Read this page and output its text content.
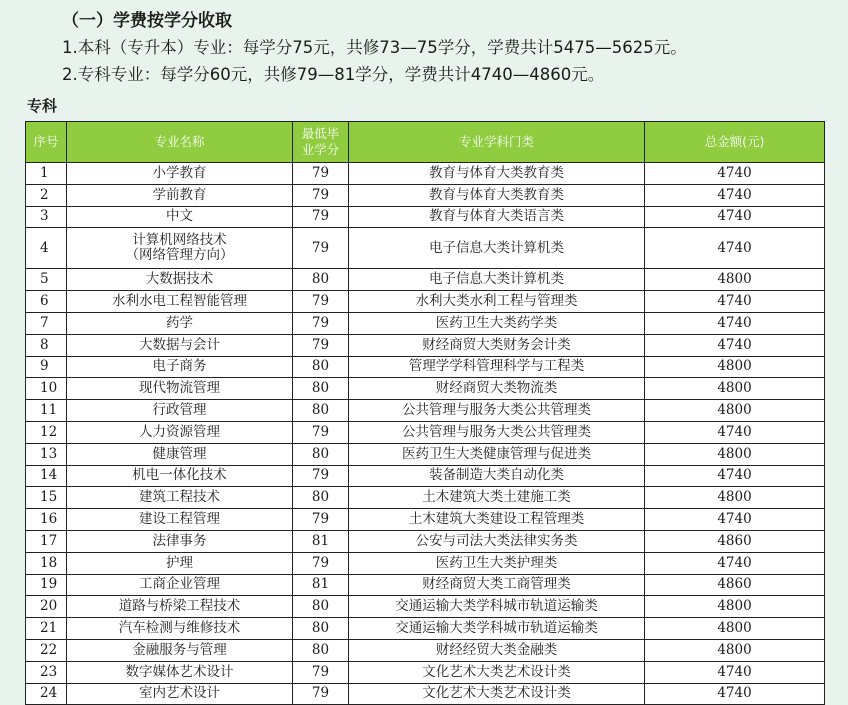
（一）学费按学分收取
1.本科（专升本）专业：每学分75元，共修73—75学分，学费共计5475—5625元。
2.专科专业：每学分60元，共修79—81学分，学费共计4740—4860元。
专科
序号	专业名称	最低毕业学分	专业学科门类	总金额(元)
1	小学教育	79	教育与体育大类教育类	4740
2	学前教育	79	教育与体育大类教育类	4740
3	中文	79	教育与体育大类语言类	4740
4	计算机网络技术
（网络管理方向）	79	电子信息大类计算机类	4740
5	大数据技术	80	电子信息大类计算机类	4800
6	水利水电工程智能管理	79	水利大类水利工程与管理类	4740
7	药学	79	医药卫生大类药学类	4740
8	大数据与会计	79	财经商贸大类财务会计类	4740
9	电子商务	80	管理学学科管理科学与工程类	4800
10	现代物流管理	80	财经商贸大类物流类	4800
11	行政管理	80	公共管理与服务大类公共管理类	4800
12	人力资源管理	79	公共管理与服务大类公共管理类	4740
13	健康管理	80	医药卫生大类健康管理与促进类	4800
14	机电一体化技术	79	装备制造大类自动化类	4740
15	建筑工程技术	80	土木建筑大类土建施工类	4800
16	建设工程管理	79	土木建筑大类建设工程管理类	4740
17	法律事务	81	公安与司法大类法律实务类	4860
18	护理	79	医药卫生大类护理类	4740
19	工商企业管理	81	财经商贸大类工商管理类	4860
20	道路与桥梁工程技术	80	交通运输大类学科城市轨道运输类	4800
21	汽车检测与维修技术	80	交通运输大类学科城市轨道运输类	4800
22	金融服务与管理	80	财经经贸大类金融类	4800
23	数字媒体艺术设计	79	文化艺术大类艺术设计类	4740
24	室内艺术设计	79	文化艺术大类艺术设计类	4740
